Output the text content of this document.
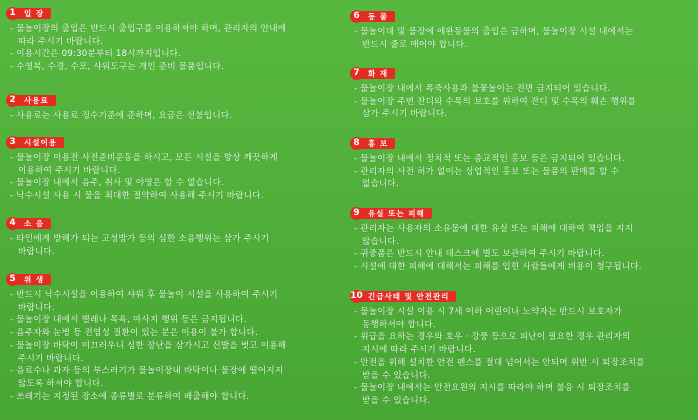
입 장
1
- 물놀이장의 출입은 반드시 출입구를 이용하셔야 하며, 관리자의 안내에
따라 주시기 바랍니다.
- 이용시간은 09:30분부터 18시까지입니다.
- 수영복, 수경, 수모, 샤워도구는 개인 준비 물품입니다.
사용료
2
- 사용료는 사용료 징수기준에 준하며, 요금은 선불입니다.
시설이용
3
- 물놀이장 이용전 사전준비운동을 하시고, 모든 시설을 항상 깨끗하게
이용하여 주시기 바랍니다.
- 물놀이장 내에서 음주, 취사 및 야영은 할 수 없습니다.
- 낙수시설 사용 시 물을 최대한 절약하여 사용해 주시기 바랍니다.
소 음
4
- 타인에게 방해가 되는 고성방가 등의 심한 소음행위는 삼가 주시기
바랍니다.
위 생
5
- 반드시 낙수시설을 이용하여 샤워 후 물놀이 시설을 사용하여 주시기
바랍니다.
- 물놀이장 내에서 별레나 목욕, 마사지 행위 등은 금지됩니다.
- 음주자와 눈병 등 전염성 질환이 있는 분은 이용이 불가 합니다.
- 물놀이장 바닥이 미끄러우니 심한 장난을 삼가시고 신발을 벗고 이용해
주시기 바랍니다.
- 음료수나 과자 등의 부스러기가 물놀이장내 바닥이나 물장에 떨어지지
않도록 하셔야 합니다.
- 쓰레기는 지정된 장소에 종류별로 분류하여 배출해야 합니다.
동 물
6
- 물놀이대 및 물장에 애완동물의 출입은 금하며, 물놀이장 시설 내에서는
반드시 줄로 매어야 합니다.
화 재
7
- 물놀이장 내에서 폭죽사용과 불꽃놀이는 전면 금지되어 있습니다.
- 물놀이장 주변 잔디와 수목의 보호를 위하여 잔디 및 수목의 훼손 행위를
삼가 주시기 바랍니다.
홍 보
8
- 물놀이장 내에서 정치적 또는 종교적인 홍보 등은 금지되어 있습니다.
- 관리자의 사전 허가 없이는 상업적인 홍보 또는 물품의 판매를 할 수
없습니다.
유실 또는 피해
9
- 관리자는 사용자의 소유물에 대한 유실 또는 피해에 대하여 책임을 지지
않습니다.
- 귀중품은 반드시 안내 데스크에 별도 보관하여 주시기 바랍니다.
- 시설에 대한 피해에 대해서는 피해를 입힌 사람들에게 비용이 청구됩니다.
긴급사태 및 안전관리
10
- 물놀이장 시설 이용 시 7세 이하 어린이나 노약자는 반드시 보호자가
동행하셔야 합니다.
- 위급을 요하는 경우와 호우 · 강풍 등으로 피난이 필요한 경우 관리자의
지시에 따라 주시기 바랍니다.
- 안전을 위해 설치한 안전 펜스를 절대 넘어서는 안되며 위반 시 퇴장조치를
받을 수 있습니다.
- 물놀이장 내에서는 안전요원의 지시를 따라야 하며 불응 시 퇴장조치를
받을 수 있습니다.
